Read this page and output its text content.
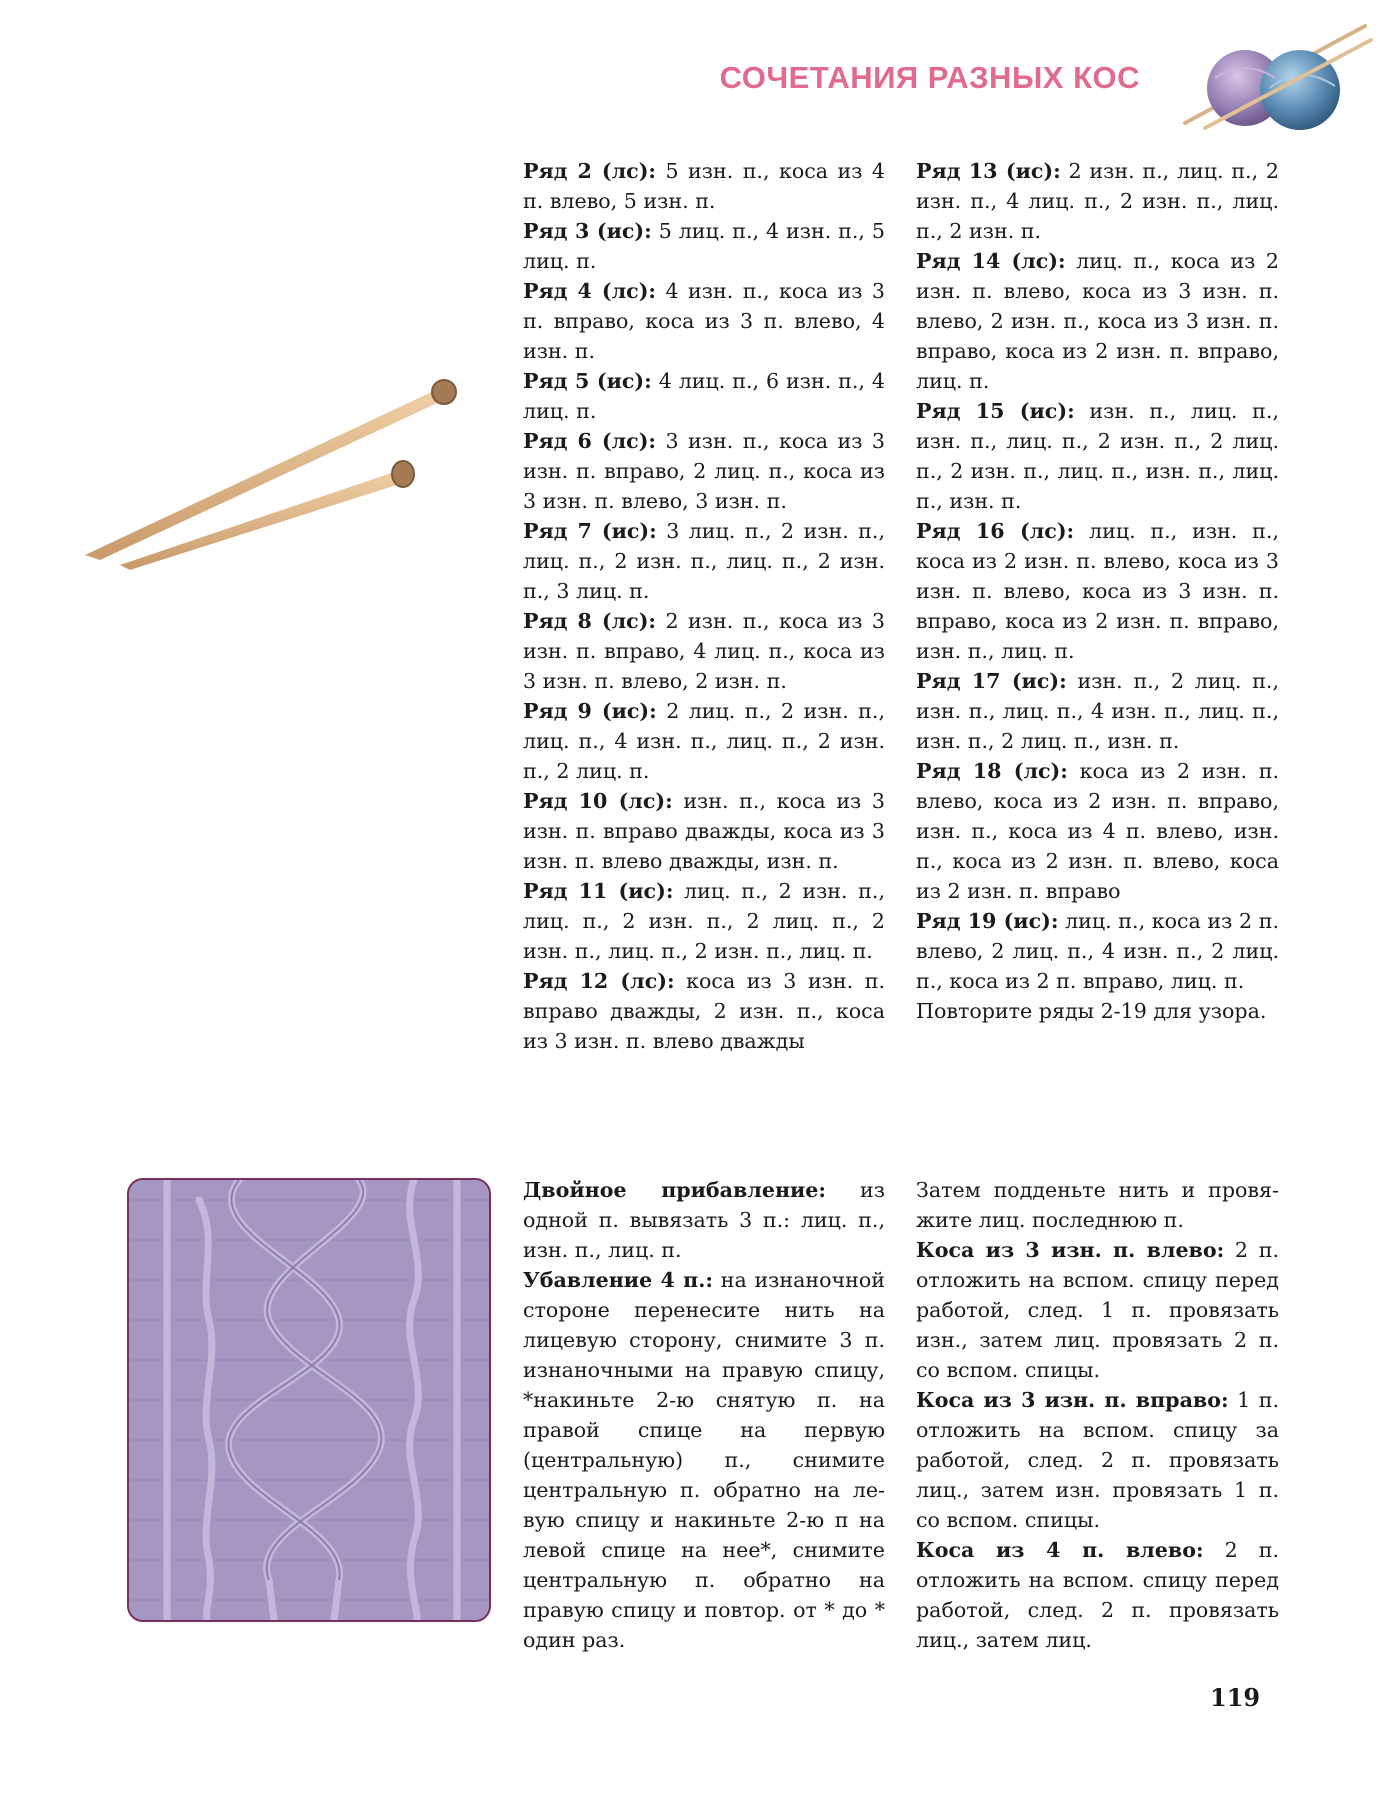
СОЧЕТАНИЯ РАЗНЫХ КОС

Ряд 2 (лс): 5 изн. п., коса из 4 п. влево, 5 изн. п.

Ряд 3 (ис): 5 лиц. п., 4 изн. п., 5 лиц. п.

Ряд 4 (лс): 4 изн. п., коса из 3 п. вправо, коса из 3 п. влево, 4 изн. п.

Ряд 5 (ис): 4 лиц. п., 6 изн. п., 4 лиц. п.

Ряд 6 (лс): 3 изн. п., коса из 3 изн. п. вправо, 2 лиц. п., коса из 3 изн. п. влево, 3 изн. п.

Ряд 7 (ис): 3 лиц. п., 2 изн. п., лиц. п., 2 изн. п., лиц. п., 2 изн. п., 3 лиц. п.

Ряд 8 (лс): 2 изн. п., коса из 3 изн. п. вправо, 4 лиц. п., коса из 3 изн. п. влево, 2 изн. п.

Ряд 9 (ис): 2 лиц. п., 2 изн. п., лиц. п., 4 изн. п., лиц. п., 2 изн. п., 2 лиц. п.

Ряд 10 (лс): изн. п., коса из 3 изн. п. вправо дважды, коса из 3 изн. п. влево дважды, изн. п.

Ряд 11 (ис): лиц. п., 2 изн. п., лиц. п., 2 изн. п., 2 лиц. п., 2 изн. п., лиц. п., 2 изн. п., лиц. п.

Ряд 12 (лс): коса из 3 изн. п. вправо дважды, 2 изн. п., коса из 3 изн. п. влево дважды

Ряд 13 (ис): 2 изн. п., лиц. п., 2 изн. п., 4 лиц. п., 2 изн. п., лиц. п., 2 изн. п.

Ряд 14 (лс): лиц. п., коса из 2 изн. п. влево, коса из 3 изн. п. влево, 2 изн. п., коса из 3 изн. п. вправо, коса из 2 изн. п. вправо, лиц. п.

Ряд 15 (ис): изн. п., лиц. п., изн. п., лиц. п., 2 изн. п., 2 лиц. п., 2 изн. п., лиц. п., изн. п., лиц. п., изн. п.

Ряд 16 (лс): лиц. п., изн. п., коса из 2 изн. п. влево, коса из 3 изн. п. влево, коса из 3 изн. п. вправо, коса из 2 изн. п. вправо, изн. п., лиц. п.

Ряд 17 (ис): изн. п., 2 лиц. п., изн. п., лиц. п., 4 изн. п., лиц. п., изн. п., 2 лиц. п., изн. п.

Ряд 18 (лс): коса из 2 изн. п. влево, коса из 2 изн. п. вправо, изн. п., коса из 4 п. влево, изн. п., коса из 2 изн. п. влево, коса из 2 изн. п. вправо

Ряд 19 (ис): лиц. п., коса из 2 п. влево, 2 лиц. п., 4 изн. п., 2 лиц. п., коса из 2 п. вправо, лиц. п.

Повторите ряды 2-19 для узора.

Двойное прибавление: из одной п. вывязать 3 п.: лиц. п., изн. п., лиц. п.

Убавление 4 п.: на изнаночной стороне перенесите нить на лицевую сторону, снимите 3 п. изнаночными на правую спицу, *накиньте 2-ю снятую п. на правой спице на первую (центральную) п., снимите центральную п. обратно на левую спицу и накиньте 2-ю п на левой спице на нее*, снимите центральную п. обратно на правую спицу и повтор. от * до * один раз.

Затем подденьте нить и провяжите лиц. последнюю п.

Коса из 3 изн. п. влево: 2 п. отложить на вспом. спицу перед работой, след. 1 п. провязать изн., затем лиц. провязать 2 п. со вспом. спицы.

Коса из 3 изн. п. вправо: 1 п. отложить на вспом. спицу за работой, след. 2 п. провязать лиц., затем изн. провязать 1 п. со вспом. спицы.

Коса из 4 п. влево: 2 п. отложить на вспом. спицу перед работой, след. 2 п. провязать лиц., затем лиц.

119
